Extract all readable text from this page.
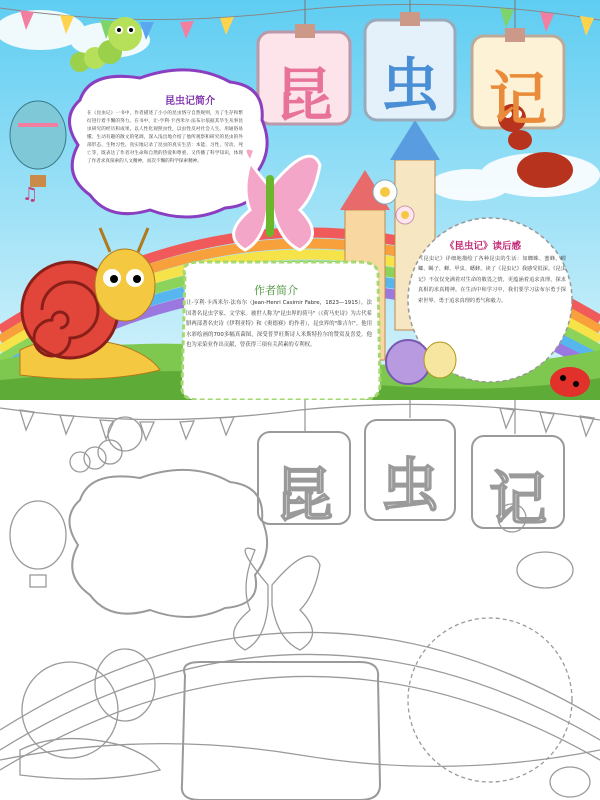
♫
昆 虫 记
昆虫记简介
在《昆虫记》一书中，作者描述了小小的昆虫恪守自然规则，为了生存和繁衍进行着不懈的努力。在书中，让-亨利·卡西米尔·法布尔依据其毕生从事昆虫研究的经历和成果，以人性化观照虫性，以虫性反衬社会人生。用通俗易懂、生动有趣的散文的笔调，深入浅出地介绍了他所观察和研究的昆虫的外部形态、生物习性、真实地记录了昆虫的真实生活：本能、习性、劳动、死亡等，既表达了作者对生命和自然的热爱和尊重，又传播了科学知识，体现了作者求真探索的人文精神，而次不懈的科学探索精神。
作者简介
让-亨利·卡西米尔·法布尔（Jean-Henri Casimir Fabre，1823—1915），法国著名昆虫学家、文学家。被世人称为"昆虫界的荷马"（《荷马史诗》为古代希腊两部著名史诗《伊利亚特》和《奥德赛》的作者），昆虫界的"维吉尔"。他用水彩绘画的700多幅真菌图，深受普罗旺斯诗人米斯特拉尔的赞赏及喜爱。他也为采染业作出贡献，曾获得三项有关茜素的专利权。
《昆虫记》读后感
《昆虫记》详细地描绘了各种昆虫的生活：如蜘蛛、蜜蜂、螳螂、蝎子、蝉、甲虫、蟋蟀。读了《昆虫记》我感受很深。《昆虫记》不仅仅充满着对生命的敬畏之情，更蕴涵着追求真理、探求真相的求真精神。在生活中和学习中，我们要学习法布尔勇于探索世界、勇于追求真理的勇气和毅力。
昆 虫 记
